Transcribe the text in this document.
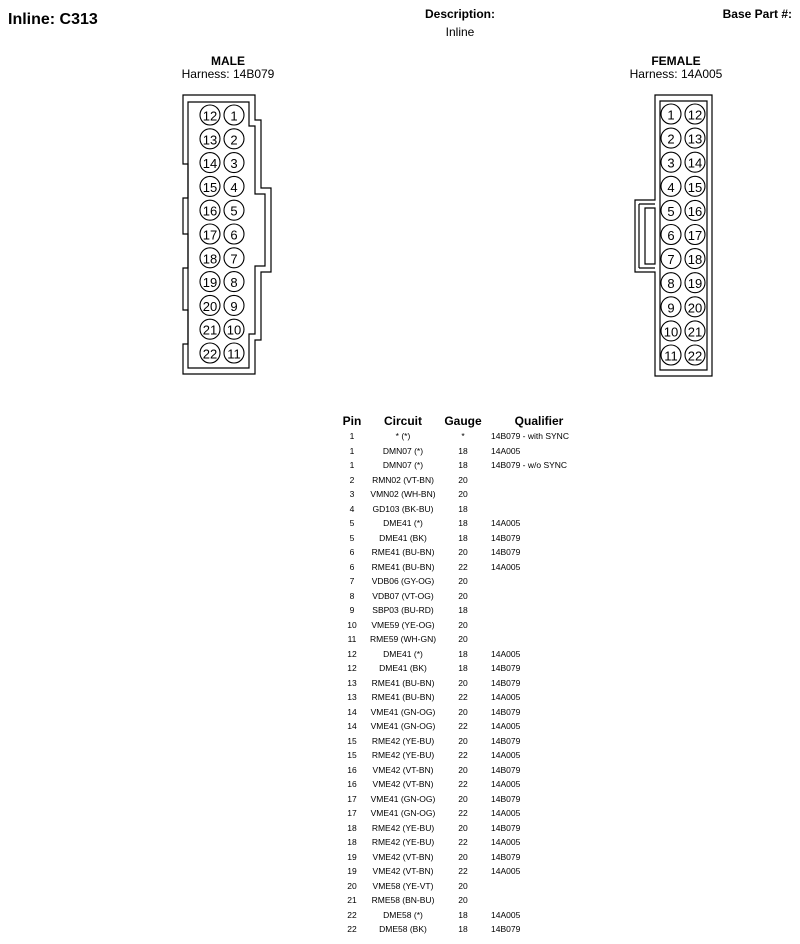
Inline: C313	Description:
Inline
Base Part #:
MALE
Harness: 14B079
12 1
13 2
14 3
15 4
16 5
17 6
18 7
19 8
20 9
21 10
22 11
FEMALE
Harness: 14A005
1 12
2 13
3 14
4 15
5 16
6 17
7 18
8 19
9 20
10 21
11 22
Pin	Circuit	Gauge	Qualifier
1	* (*)	*	14B079 - with SYNC
1	DMN07 (*)	18	14A005
1	DMN07 (*)	18	14B079 - w/o SYNC
2	RMN02 (VT-BN)	20	
3	VMN02 (WH-BN)	20	
4	GD103 (BK-BU)	18	
5	DME41 (*)	18	14A005
5	DME41 (BK)	18	14B079
6	RME41 (BU-BN)	20	14B079
6	RME41 (BU-BN)	22	14A005
7	VDB06 (GY-OG)	20	
8	VDB07 (VT-OG)	20	
9	SBP03 (BU-RD)	18	
10	VME59 (YE-OG)	20	
11	RME59 (WH-GN)	20	
12	DME41 (*)	18	14A005
12	DME41 (BK)	18	14B079
13	RME41 (BU-BN)	20	14B079
13	RME41 (BU-BN)	22	14A005
14	VME41 (GN-OG)	20	14B079
14	VME41 (GN-OG)	22	14A005
15	RME42 (YE-BU)	20	14B079
15	RME42 (YE-BU)	22	14A005
16	VME42 (VT-BN)	20	14B079
16	VME42 (VT-BN)	22	14A005
17	VME41 (GN-OG)	20	14B079
17	VME41 (GN-OG)	22	14A005
18	RME42 (YE-BU)	20	14B079
18	RME42 (YE-BU)	22	14A005
19	VME42 (VT-BN)	20	14B079
19	VME42 (VT-BN)	22	14A005
20	VME58 (YE-VT)	20	
21	RME58 (BN-BU)	20	
22	DME58 (*)	18	14A005
22	DME58 (BK)	18	14B079
